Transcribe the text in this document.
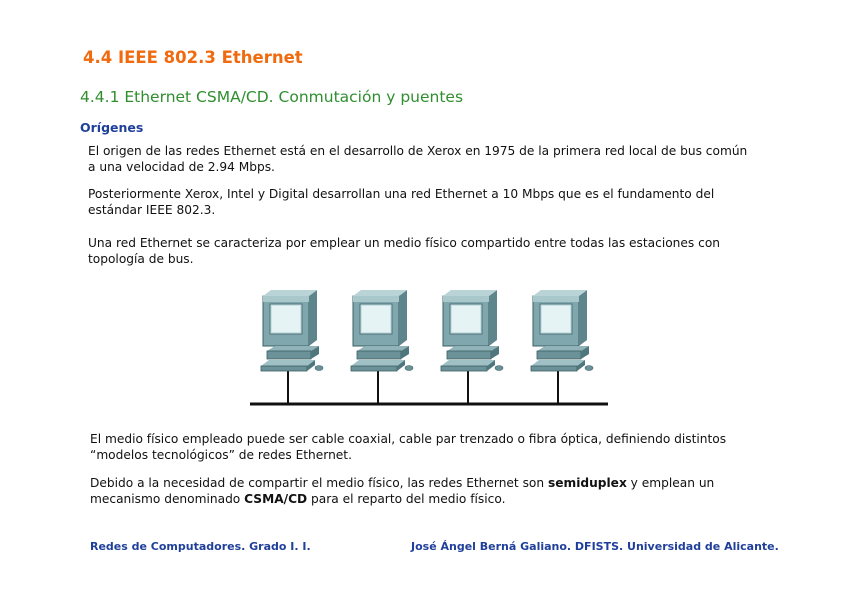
4.4 IEEE 802.3 Ethernet
4.4.1 Ethernet CSMA/CD. Conmutación y puentes
Orígenes
El origen de las redes Ethernet está en el desarrollo de Xerox en 1975 de la primera red local de bus común
a una velocidad de 2.94 Mbps.
Posteriormente Xerox, Intel y Digital desarrollan una red Ethernet a 10 Mbps que es el fundamento del
estándar IEEE 802.3.
Una red Ethernet se caracteriza por emplear un medio físico compartido entre todas las estaciones con
topología de bus.
El medio físico empleado puede ser cable coaxial, cable par trenzado o fibra óptica, definiendo distintos
“modelos tecnológicos” de redes Ethernet.
Debido a la necesidad de compartir el medio físico, las redes Ethernet son semiduplex y emplean un
mecanismo denominado CSMA/CD para el reparto del medio físico.
Redes de Computadores. Grado I. I.	José Ángel Berná Galiano. DFISTS. Universidad de Alicante.
